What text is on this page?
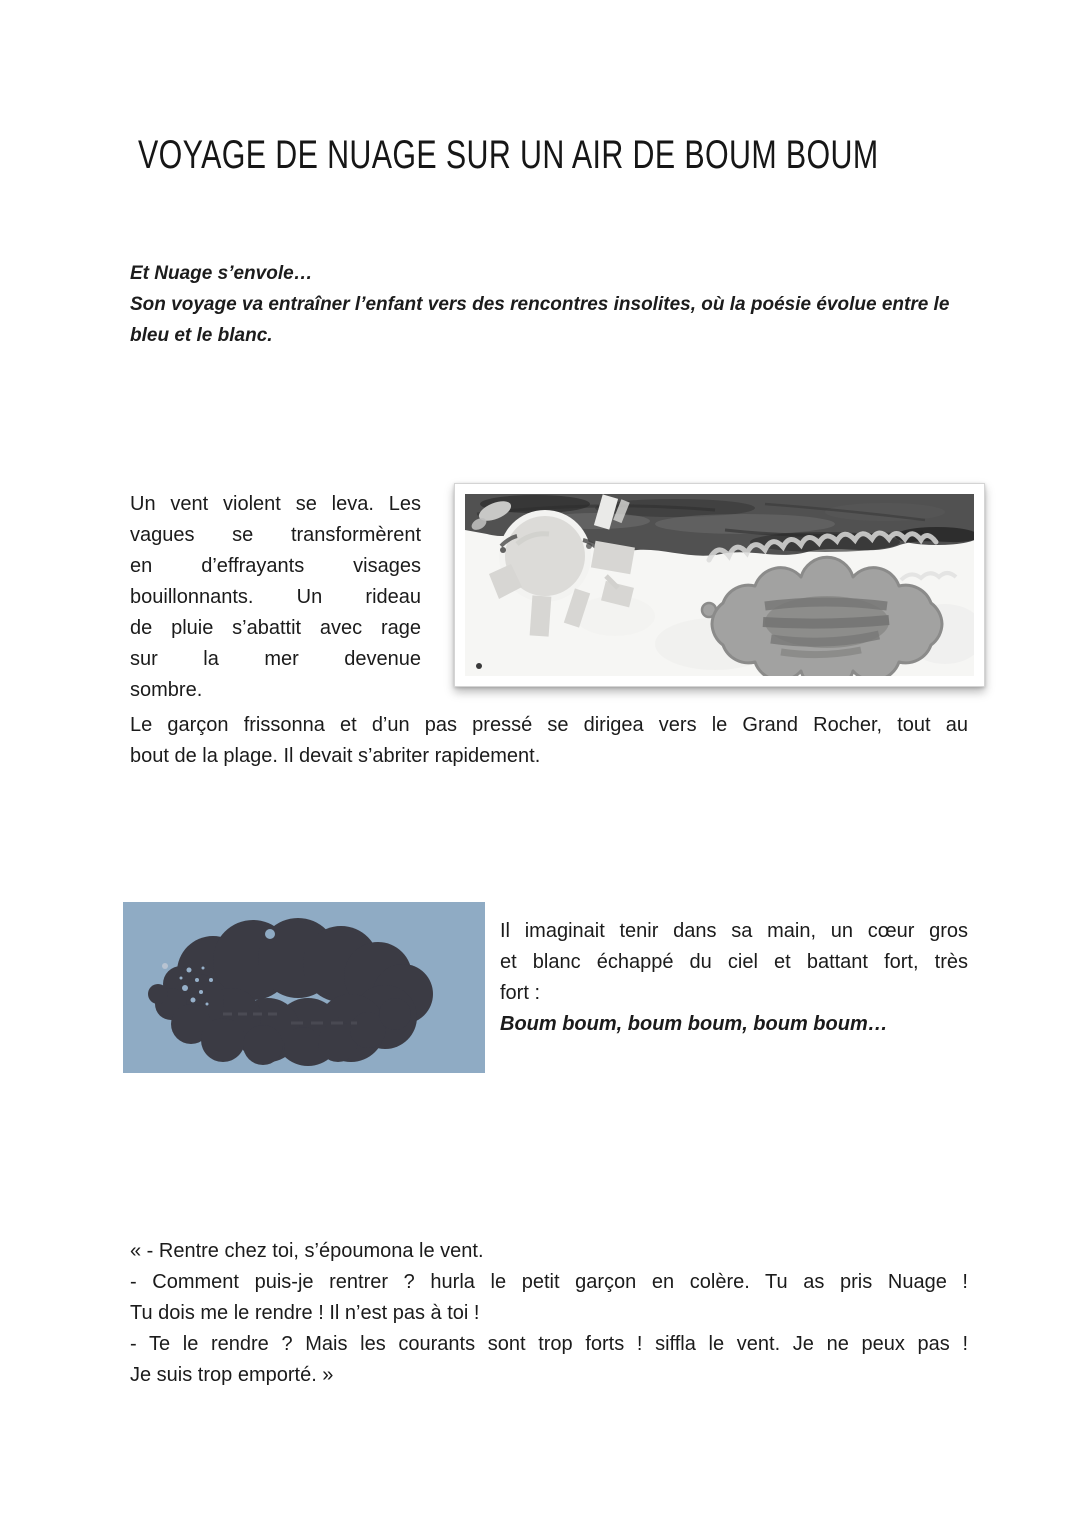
VOYAGE DE NUAGE SUR UN AIR DE BOUM BOUM
Et Nuage s’envole…
Son voyage va entraîner l’enfant vers des rencontres insolites, où la poésie évolue entre le
bleu et le blanc.
Un vent violent se leva. Les
vagues se transformèrent
en d’effrayants visages
bouillonnants. Un rideau
de pluie s’abattit avec rage
sur la mer devenue
sombre.
Le garçon frissonna et d’un pas pressé se dirigea vers le Grand Rocher, tout au
bout de la plage. Il devait s’abriter rapidement.
Il imaginait tenir dans sa main, un cœur gros
et blanc échappé du ciel et battant fort, très
fort :
Boum boum, boum boum, boum boum…
« - Rentre chez toi, s’époumona le vent.
- Comment puis-je rentrer ? hurla le petit garçon en colère. Tu as pris Nuage !
Tu dois me le rendre ! Il n’est pas à toi !
- Te le rendre ? Mais les courants sont trop forts ! siffla le vent. Je ne peux pas !
Je suis trop emporté. »
